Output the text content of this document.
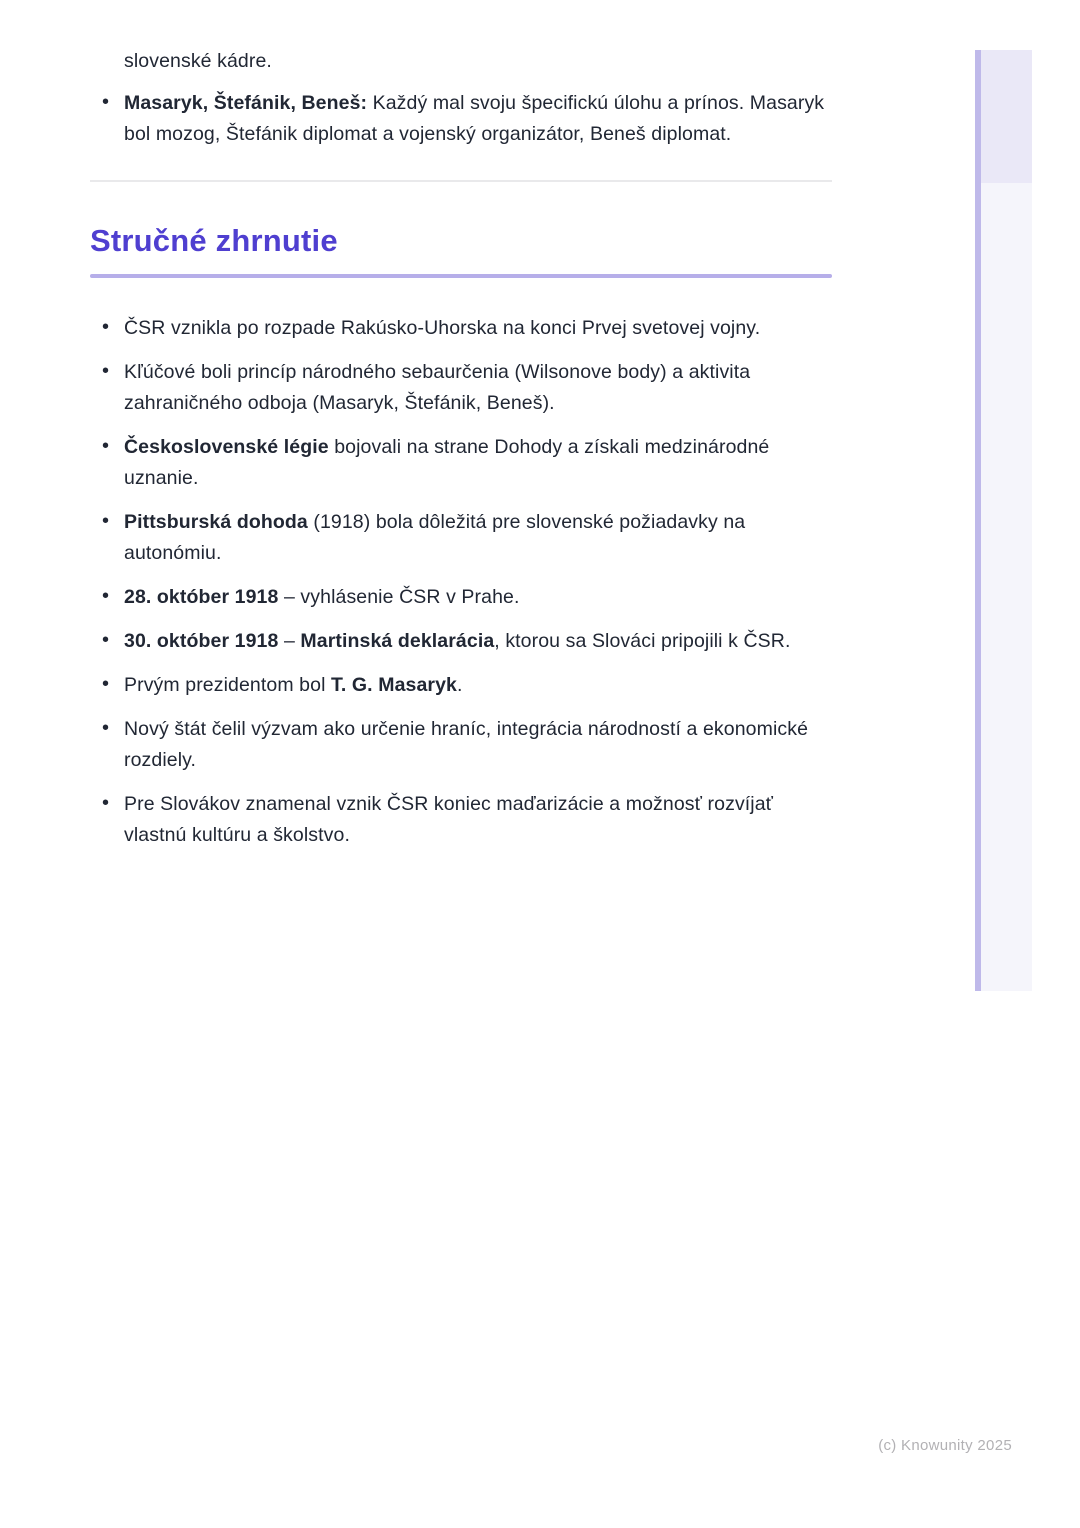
slovenské kádre.
• Masaryk, Štefánik, Beneš: Každý mal svoju špecifickú úlohu a prínos. Masaryk bol mozog, Štefánik diplomat a vojenský organizátor, Beneš diplomat.
Stručné zhrnutie
• ČSR vznikla po rozpade Rakúsko-Uhorska na konci Prvej svetovej vojny.
• Kľúčové boli princíp národného sebaurčenia (Wilsonove body) a aktivita zahraničného odboja (Masaryk, Štefánik, Beneš).
• Československé légie bojovali na strane Dohody a získali medzinárodné uznanie.
• Pittsburská dohoda (1918) bola dôležitá pre slovenské požiadavky na autonómiu.
• 28. október 1918 – vyhlásenie ČSR v Prahe.
• 30. október 1918 – Martinská deklarácia, ktorou sa Slováci pripojili k ČSR.
• Prvým prezidentom bol T. G. Masaryk.
• Nový štát čelil výzvam ako určenie hraníc, integrácia národností a ekonomické rozdiely.
• Pre Slovákov znamenal vznik ČSR koniec maďarizácie a možnosť rozvíjať vlastnú kultúru a školstvo.
(c) Knowunity 2025
